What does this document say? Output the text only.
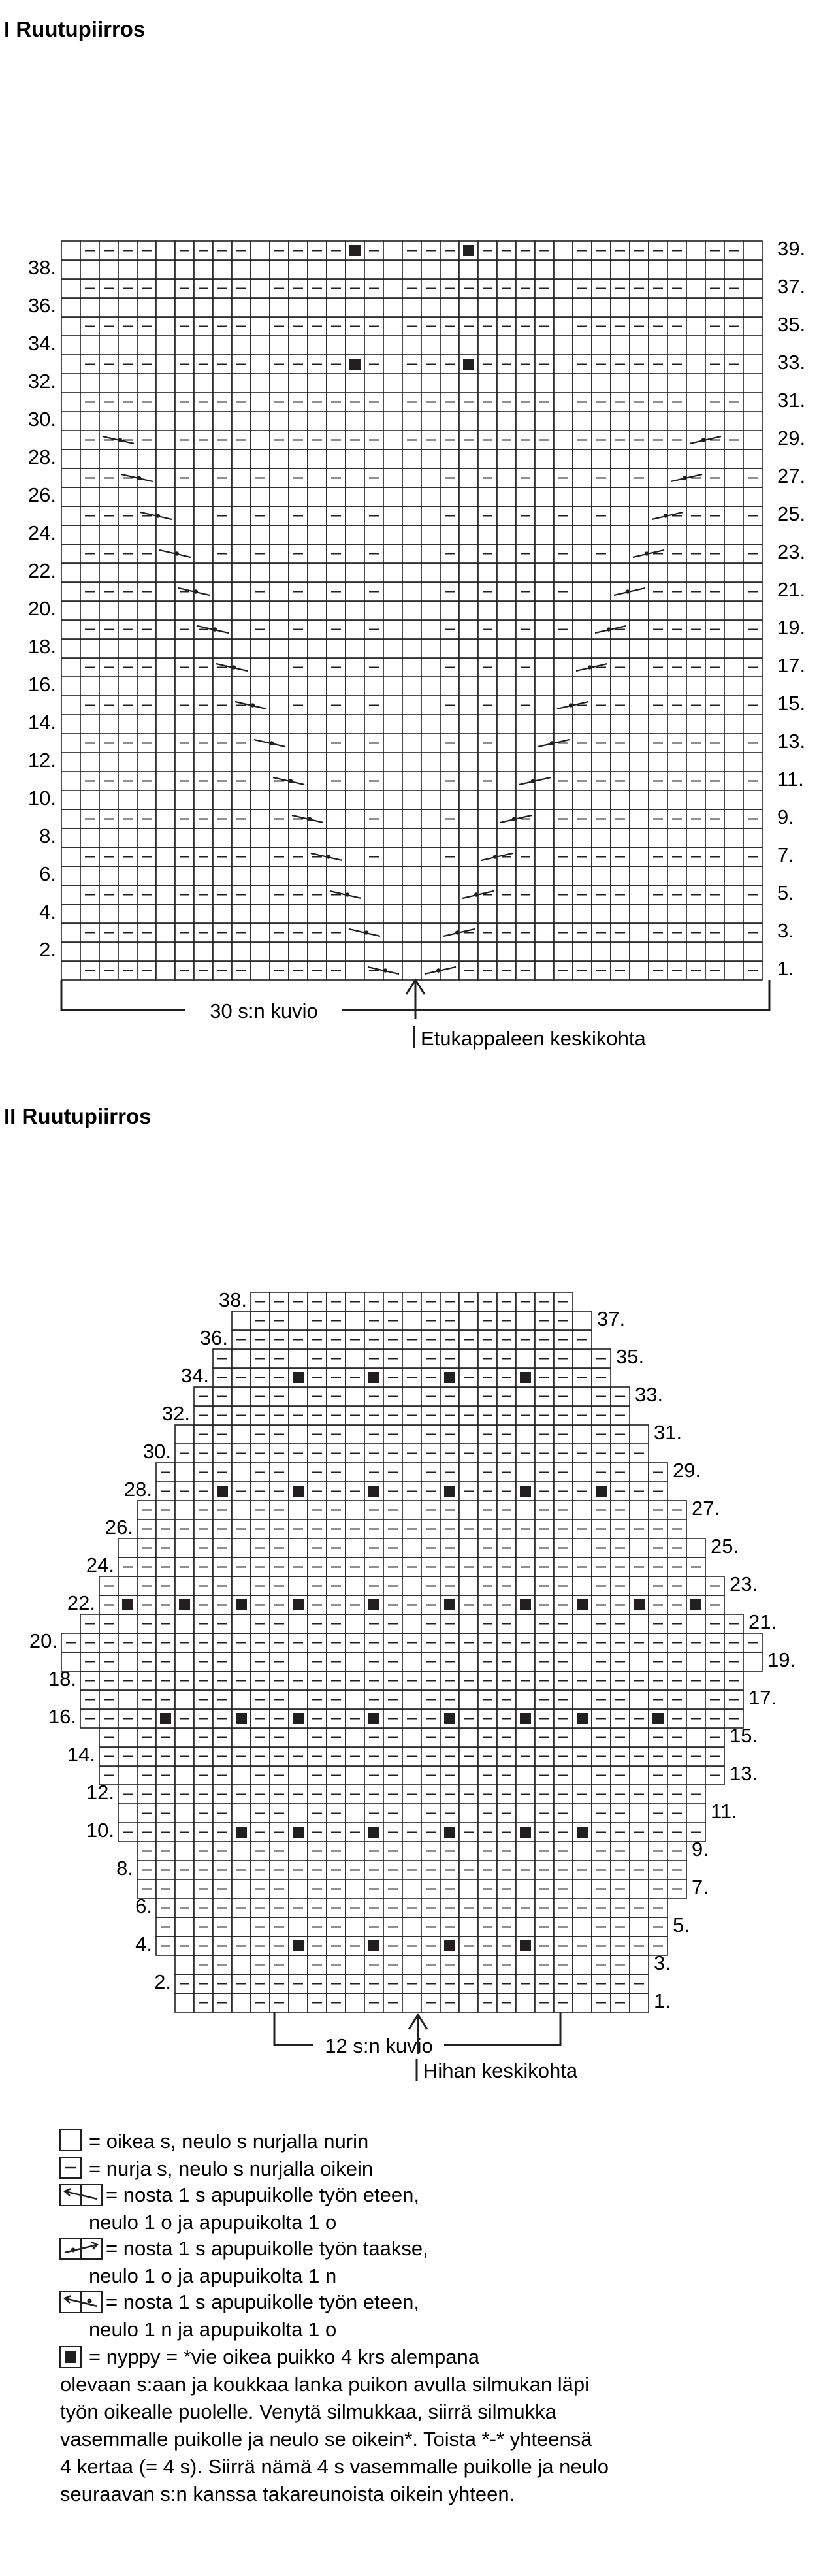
I Ruutupiirros
1.
3.
5.
7.
9.
11.
13.
15.
17.
19.
21.
23.
25.
27.
29.
31.
33.
35.
37.
39.
2.
4.
6.
8.
10.
12.
14.
16.
18.
20.
22.
24.
26.
28.
30.
32.
34.
36.
38.
30 s:n kuvio
Etukappaleen keskikohta
II Ruutupiirros
1.
3.
5.
7.
9.
11.
13.
15.
17.
19.
21.
23.
25.
27.
29.
31.
33.
35.
37.
2.
4.
6.
8.
10.
12.
14.
16.
18.
20.
22.
24.
26.
28.
30.
32.
34.
36.
38.
12 s:n kuvio
Hihan keskikohta
= oikea s, neulo s nurjalla nurin
= nurja s, neulo s nurjalla oikein
= nosta 1 s apupuikolle työn eteen,
neulo 1 o ja apupuikolta 1 o
= nosta 1 s apupuikolle työn taakse,
neulo 1 o ja apupuikolta 1 n
= nosta 1 s apupuikolle työn eteen,
neulo 1 n ja apupuikolta 1 o
= nyppy = *vie oikea puikko 4 krs alempana
olevaan s:aan ja koukkaa lanka puikon avulla silmukan läpi
työn oikealle puolelle. Venytä silmukkaa, siirrä silmukka
vasemmalle puikolle ja neulo se oikein*. Toista *-* yhteensä
4 kertaa (= 4 s). Siirrä nämä 4 s vasemmalle puikolle ja neulo
seuraavan s:n kanssa takareunoista oikein yhteen.
